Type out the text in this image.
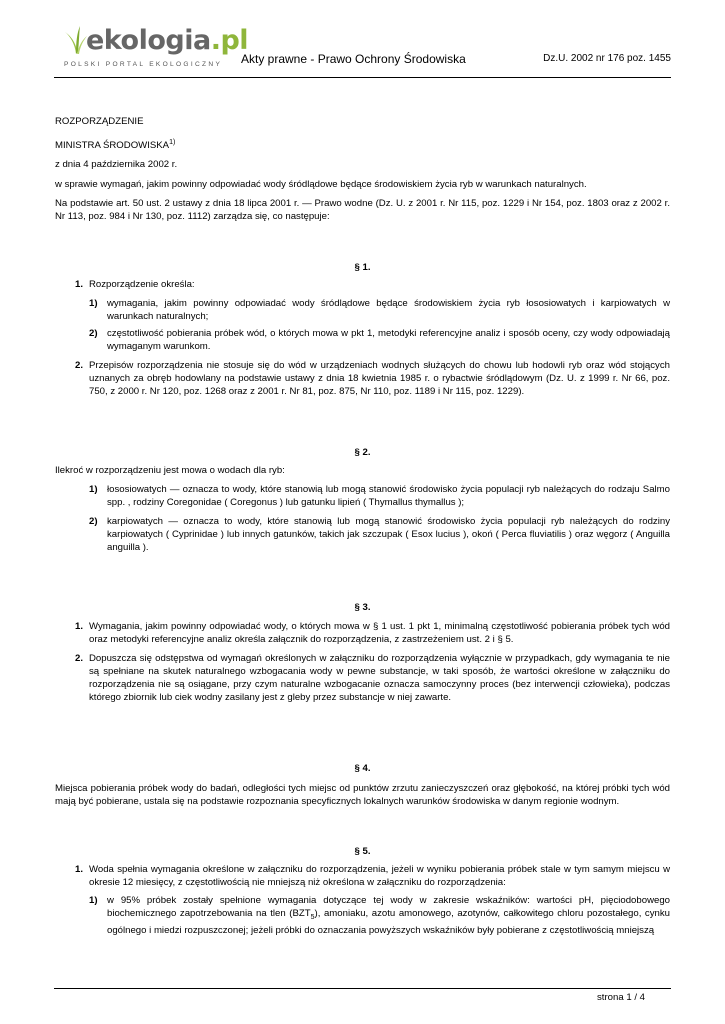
ekologia.pl
POLSKI PORTAL EKOLOGICZNY Akty prawne - Prawo Ochrony Środowiska	Dz.U. 2002 nr 176 poz. 1455
ROZPORZĄDZENIE
MINISTRA ŚRODOWISKA$^{1)}$
z dnia 4 października 2002 r.
w sprawie wymagań, jakim powinny odpowiadać wody śródlądowe będące środowiskiem życia ryb w warunkach naturalnych.
Na podstawie art. 50 ust. 2 ustawy z dnia 18 lipca 2001 r. — Prawo wodne (Dz. U. z 2001 r. Nr 115, poz. 1229 i Nr 154, poz. 1803 oraz z 2002 r. Nr 113, poz. 984 i Nr 130, poz. 1112) zarządza się, co następuje:
§ 1.
1. Rozporządzenie określa:
1) wymagania, jakim powinny odpowiadać wody śródlądowe będące środowiskiem życia ryb łososiowatych i karpiowatych w warunkach naturalnych;
2) częstotliwość pobierania próbek wód, o których mowa w pkt 1, metodyki referencyjne analiz i sposób oceny, czy wody odpowiadają wymaganym warunkom.
2. Przepisów rozporządzenia nie stosuje się do wód w urządzeniach wodnych służących do chowu lub hodowli ryb oraz wód stojących uznanych za obręb hodowlany na podstawie ustawy z dnia 18 kwietnia 1985 r. o rybactwie śródlądowym (Dz. U. z 1999 r. Nr 66, poz. 750, z 2000 r. Nr 120, poz. 1268 oraz z 2001 r. Nr 81, poz. 875, Nr 110, poz. 1189 i Nr 115, poz. 1229).
§ 2.
Ilekroć w rozporządzeniu jest mowa o wodach dla ryb:
1) łososiowatych — oznacza to wody, które stanowią lub mogą stanowić środowisko życia populacji ryb należących do rodzaju Salmo spp. , rodziny Coregonidae ( Coregonus ) lub gatunku lipień ( Thymallus thymallus );
2) karpiowatych — oznacza to wody, które stanowią lub mogą stanowić środowisko życia populacji ryb należących do rodziny karpiowatych ( Cyprinidae ) lub innych gatunków, takich jak szczupak ( Esox lucius ), okoń ( Perca fluviatilis ) oraz węgorz ( Anguilla anguilla ).
§ 3.
1. Wymagania, jakim powinny odpowiadać wody, o których mowa w § 1 ust. 1 pkt 1, minimalną częstotliwość pobierania próbek tych wód oraz metodyki referencyjne analiz określa załącznik do rozporządzenia, z zastrzeżeniem ust. 2 i § 5.
2. Dopuszcza się odstępstwa od wymagań określonych w załączniku do rozporządzenia wyłącznie w przypadkach, gdy wymagania te nie są spełniane na skutek naturalnego wzbogacania wody w pewne substancje, w taki sposób, że wartości określone w załączniku do rozporządzenia nie są osiągane, przy czym naturalne wzbogacanie oznacza samoczynny proces (bez interwencji człowieka), podczas którego zbiornik lub ciek wodny zasilany jest z gleby przez substancje w niej zawarte.
§ 4.
Miejsca pobierania próbek wody do badań, odległości tych miejsc od punktów zrzutu zanieczyszczeń oraz głębokość, na której próbki tych wód mają być pobierane, ustala się na podstawie rozpoznania specyficznych lokalnych warunków środowiska w danym regionie wodnym.
§ 5.
1. Woda spełnia wymagania określone w załączniku do rozporządzenia, jeżeli w wyniku pobierania próbek stale w tym samym miejscu w okresie 12 miesięcy, z częstotliwością nie mniejszą niż określona w załączniku do rozporządzenia:
1) w 95% próbek zostały spełnione wymagania dotyczące tej wody w zakresie wskaźników: wartości pH, pięciodobowego biochemicznego zapotrzebowania na tlen $(BZT_5)$, amoniaku, azotu amonowego, azotynów, całkowitego chloru pozostałego, cynku ogólnego i miedzi rozpuszczonej; jeżeli próbki do oznaczania powyższych wskaźników były pobierane z częstotliwością mniejszą
strona 1 / 4
